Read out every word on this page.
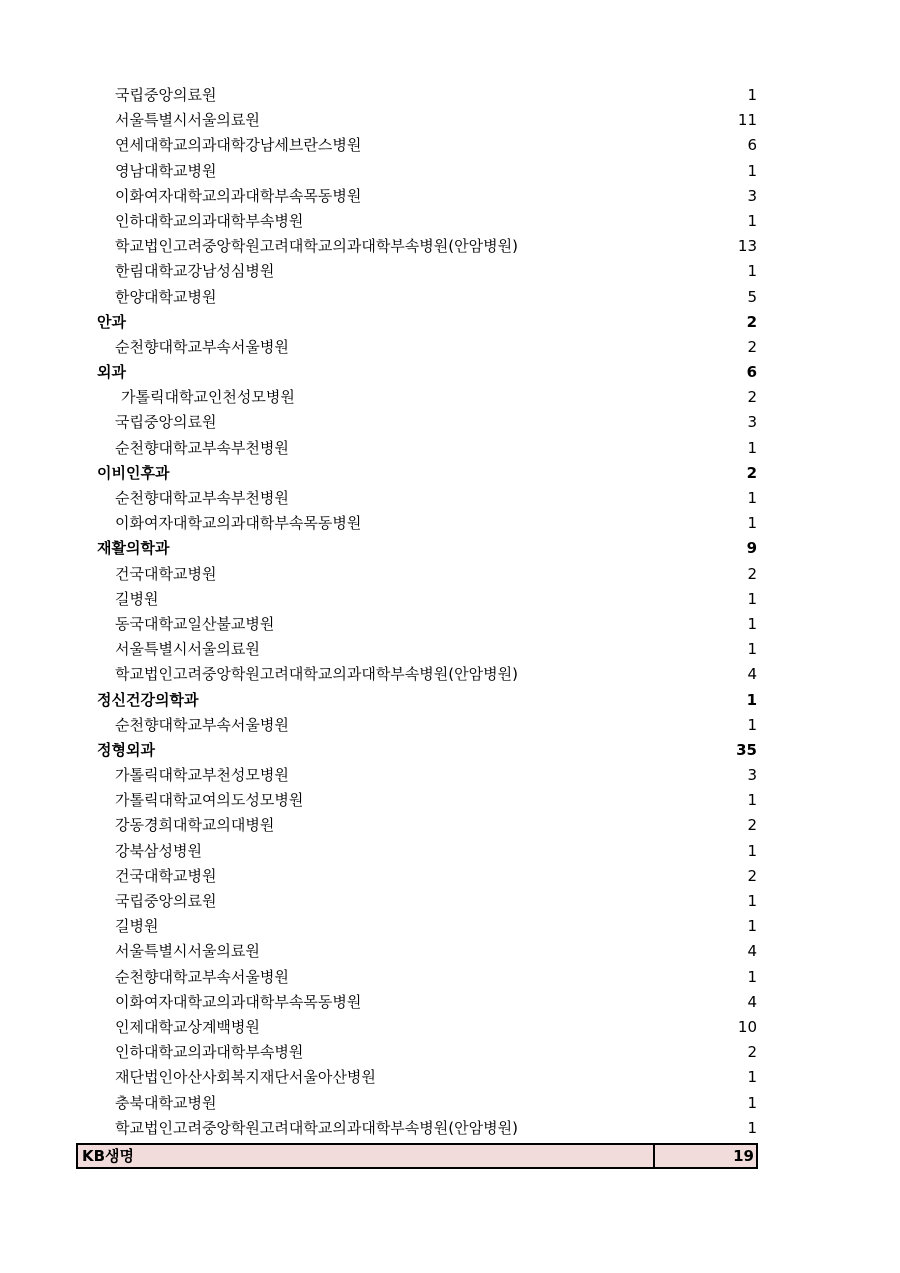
국립중앙의료원	1
서울특별시서울의료원	11
연세대학교의과대학강남세브란스병원	6
영남대학교병원	1
이화여자대학교의과대학부속목동병원	3
인하대학교의과대학부속병원	1
학교법인고려중앙학원고려대학교의과대학부속병원(안암병원)	13
한림대학교강남성심병원	1
한양대학교병원	5
안과	2
순천향대학교부속서울병원	2
외과	6
가톨릭대학교인천성모병원	2
국립중앙의료원	3
순천향대학교부속부천병원	1
이비인후과	2
순천향대학교부속부천병원	1
이화여자대학교의과대학부속목동병원	1
재활의학과	9
건국대학교병원	2
길병원	1
동국대학교일산불교병원	1
서울특별시서울의료원	1
학교법인고려중앙학원고려대학교의과대학부속병원(안암병원)	4
정신건강의학과	1
순천향대학교부속서울병원	1
정형외과	35
가톨릭대학교부천성모병원	3
가톨릭대학교여의도성모병원	1
강동경희대학교의대병원	2
강북삼성병원	1
건국대학교병원	2
국립중앙의료원	1
길병원	1
서울특별시서울의료원	4
순천향대학교부속서울병원	1
이화여자대학교의과대학부속목동병원	4
인제대학교상계백병원	10
인하대학교의과대학부속병원	2
재단법인아산사회복지재단서울아산병원	1
충북대학교병원	1
학교법인고려중앙학원고려대학교의과대학부속병원(안암병원)	1
KB생명	19
